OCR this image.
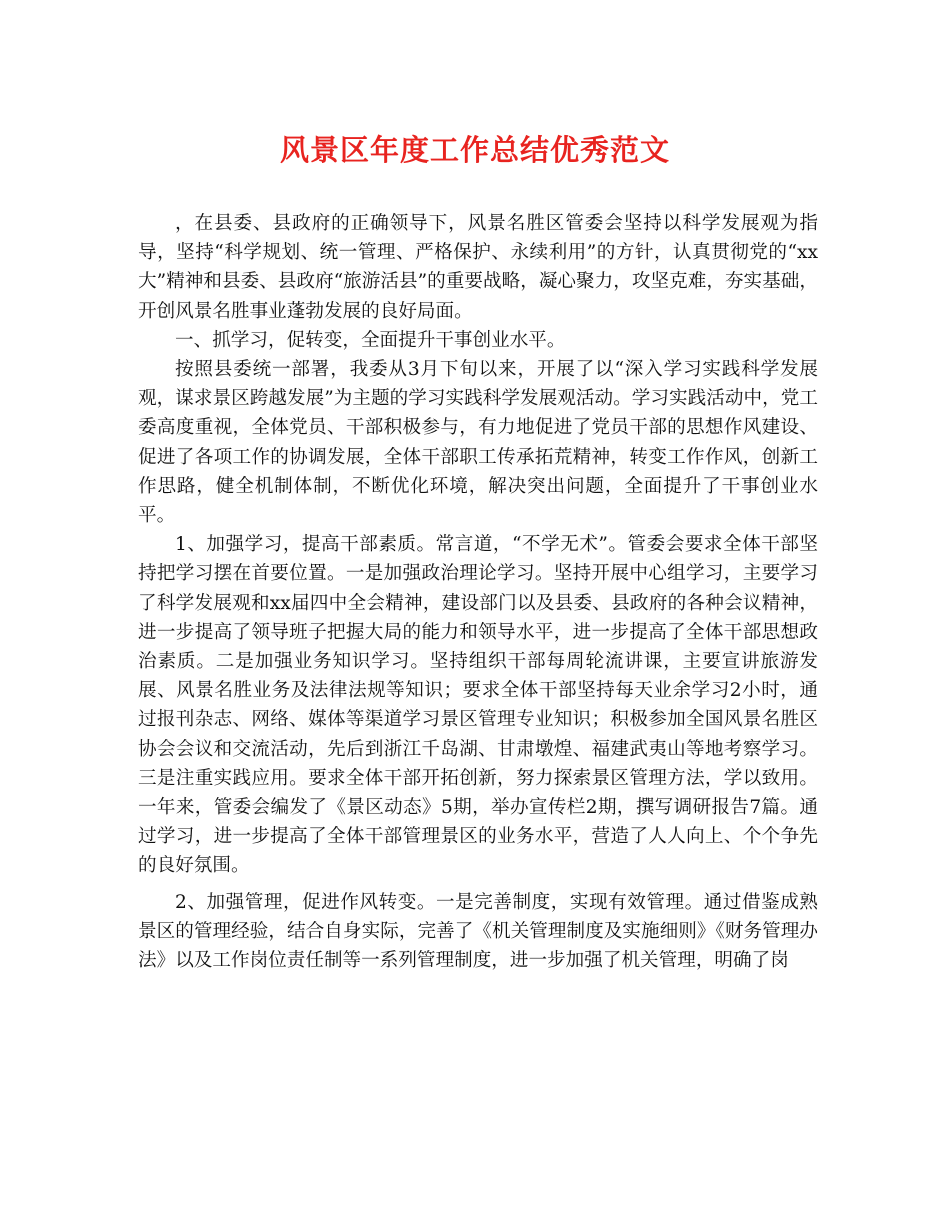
风景区年度工作总结优秀范文

，在县委、县政府的正确领导下，风景名胜区管委会坚持以科学发展观为指导，坚持“科学规划、统一管理、严格保护、永续利用”的方针，认真贯彻党的“xx大”精神和县委、县政府“旅游活县”的重要战略，凝心聚力，攻坚克难，夯实基础，开创风景名胜事业蓬勃发展的良好局面。

一、抓学习，促转变，全面提升干事创业水平。

按照县委统一部署，我委从3月下旬以来，开展了以“深入学习实践科学发展观，谋求景区跨越发展”为主题的学习实践科学发展观活动。学习实践活动中，党工委高度重视，全体党员、干部积极参与，有力地促进了党员干部的思想作风建设、促进了各项工作的协调发展，全体干部职工传承拓荒精神，转变工作作风，创新工作思路，健全机制体制，不断优化环境，解决突出问题，全面提升了干事创业水平。

1、加强学习，提高干部素质。常言道，“不学无术”。管委会要求全体干部坚持把学习摆在首要位置。一是加强政治理论学习。坚持开展中心组学习，主要学习了科学发展观和xx届四中全会精神，建设部门以及县委、县政府的各种会议精神，进一步提高了领导班子把握大局的能力和领导水平，进一步提高了全体干部思想政治素质。二是加强业务知识学习。坚持组织干部每周轮流讲课，主要宣讲旅游发展、风景名胜业务及法律法规等知识；要求全体干部坚持每天业余学习2小时，通过报刊杂志、网络、媒体等渠道学习景区管理专业知识；积极参加全国风景名胜区协会会议和交流活动，先后到浙江千岛湖、甘肃墩煌、福建武夷山等地考察学习。三是注重实践应用。要求全体干部开拓创新，努力探索景区管理方法，学以致用。一年来，管委会编发了《景区动态》5期，举办宣传栏2期，撰写调研报告7篇。通过学习，进一步提高了全体干部管理景区的业务水平，营造了人人向上、个个争先的良好氛围。

2、加强管理，促进作风转变。一是完善制度，实现有效管理。通过借鉴成熟景区的管理经验，结合自身实际，完善了《机关管理制度及实施细则》《财务管理办法》以及工作岗位责任制等一系列管理制度，进一步加强了机关管理，明确了岗
